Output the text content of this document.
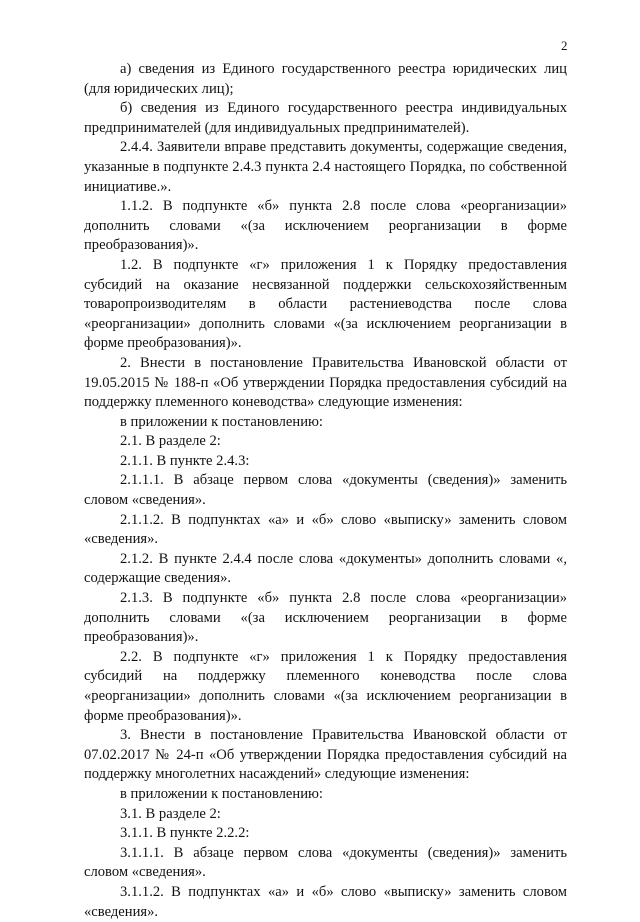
2

а) сведения из Единого государственного реестра юридических лиц (для юридических лиц);

б) сведения из Единого государственного реестра индивидуальных предпринимателей (для индивидуальных предпринимателей).

2.4.4. Заявители вправе представить документы, содержащие сведения, указанные в подпункте 2.4.3 пункта 2.4 настоящего Порядка, по собственной инициативе.».

1.1.2. В подпункте «б» пункта 2.8 после слова «реорганизации» дополнить словами «(за исключением реорганизации в форме преобразования)».

1.2. В подпункте «г» приложения 1 к Порядку предоставления субсидий на оказание несвязанной поддержки сельскохозяйственным товаропроизводителям в области растениеводства после слова «реорганизации» дополнить словами «(за исключением реорганизации в форме преобразования)».

2. Внести в постановление Правительства Ивановской области от 19.05.2015 № 188-п «Об утверждении Порядка предоставления субсидий на поддержку племенного коневодства» следующие изменения:

в приложении к постановлению:

2.1. В разделе 2:

2.1.1. В пункте 2.4.3:

2.1.1.1. В абзаце первом слова «документы (сведения)» заменить словом «сведения».

2.1.1.2. В подпунктах «а» и «б» слово «выписку» заменить словом «сведения».

2.1.2. В пункте 2.4.4 после слова «документы» дополнить словами «, содержащие сведения».

2.1.3. В подпункте «б» пункта 2.8 после слова «реорганизации» дополнить словами «(за исключением реорганизации в форме преобразования)».

2.2. В подпункте «г» приложения 1 к Порядку предоставления субсидий на поддержку племенного коневодства после слова «реорганизации» дополнить словами «(за исключением реорганизации в форме преобразования)».

3. Внести в постановление Правительства Ивановской области от 07.02.2017 № 24-п «Об утверждении Порядка предоставления субсидий на поддержку многолетних насаждений» следующие изменения:

в приложении к постановлению:

3.1. В разделе 2:

3.1.1. В пункте 2.2.2:

3.1.1.1. В абзаце первом слова «документы (сведения)» заменить словом «сведения».

3.1.1.2. В подпунктах «а» и «б» слово «выписку» заменить словом «сведения».
